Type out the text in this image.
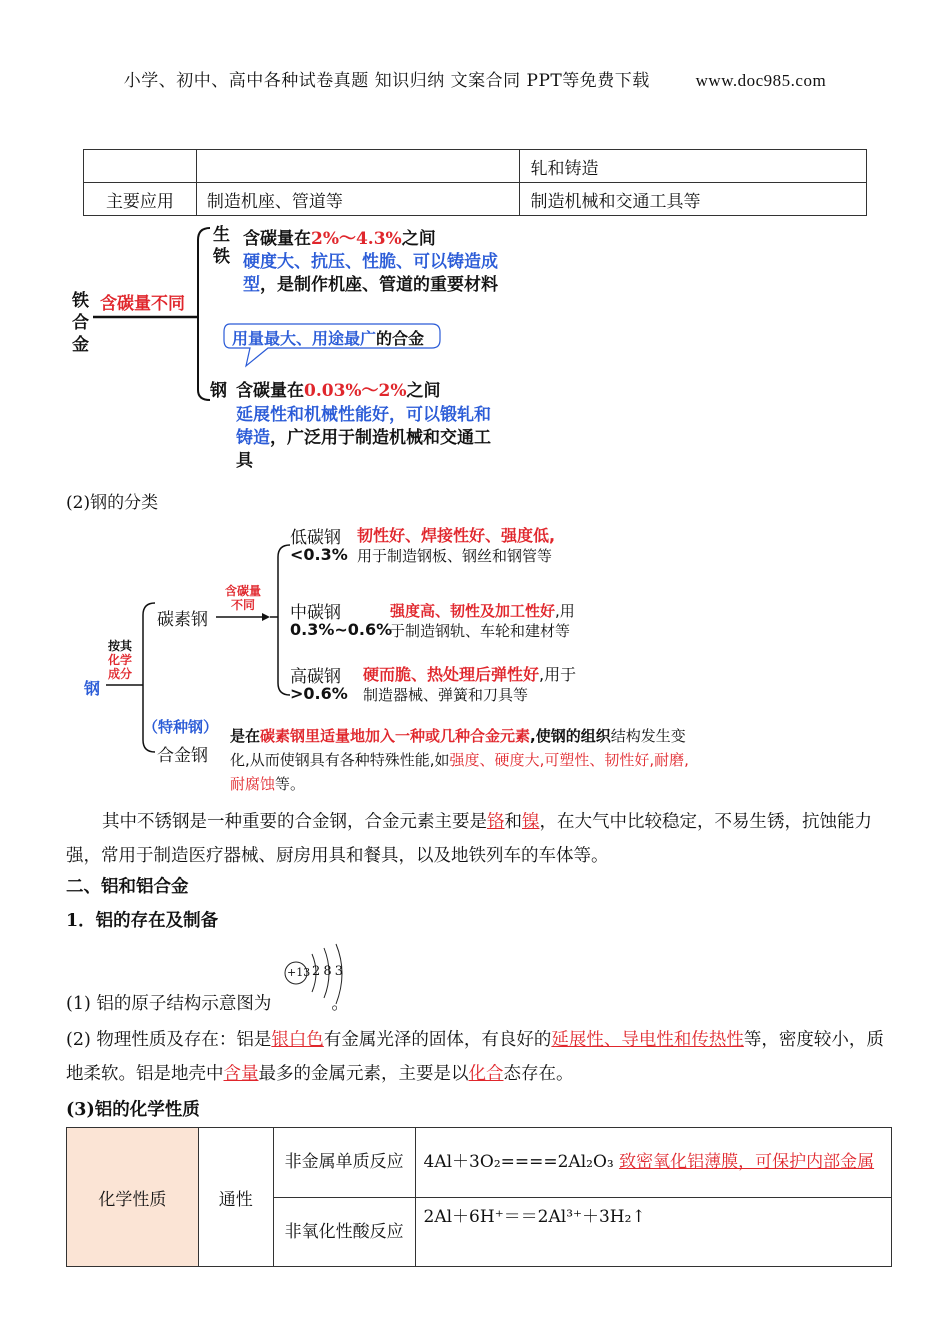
小学、初中、高中各种试卷真题 知识归纳 文案合同 PPT等免费下载	www.doc985.com
		轧和铸造
主要应用	制造机座、管道等	制造机械和交通工具等
铁
合
金
含碳量不同
生
铁
含碳量在2%～4.3%之间
硬度大、抗压、性脆、可以铸造成型，是制作机座、管道的重要材料
用量最大、用途最广的合金
钢 含碳量在0.03%～2%之间
延展性和机械性能好，可以锻轧和铸造，广泛用于制造机械和交通工具
(2)钢的分类
钢
按其
化学
成分
碳素钢
含碳量
不同
低碳钢 韧性好、焊接性好、强度低,
<0.3% 用于制造钢板、钢丝和钢管等
中碳钢	强度高、韧性及加工性好,用
0.3%~0.6%
于制造钢轨、车轮和建材等
高碳钢 硬而脆、热处理后弹性好,用于
>0.6% 制造器械、弹簧和刀具等
（特种钢）
合金钢
是在碳素钢里适量地加入一种或几种合金元素,使钢的组织结构发生变化,从而使钢具有各种特殊性能,如强度、硬度大,可塑性、韧性好,耐磨,耐腐蚀等。
其中不锈钢是一种重要的合金钢，合金元素主要是铬和镍，在大气中比较稳定，不易生锈，抗蚀能力强，常用于制造医疗器械、厨房用具和餐具，以及地铁列车的车体等。
二、铝和铝合金
1．铝的存在及制备
+13 2 8 3
(1) 铝的原子结构示意图为	。
(2) 物理性质及存在：铝是银白色有金属光泽的固体，有良好的延展性、导电性和传热性等，密度较小，质地柔软。铝是地壳中含量最多的金属元素，主要是以化合态存在。
(3)铝的化学性质
化学性质	通性	非金属单质反应	4Al＋3O₂====2Al₂O₃ 致密氧化铝薄膜，可保护内部金属
		非氧化性酸反应	2Al＋6H⁺＝＝2Al³⁺＋3H₂↑
